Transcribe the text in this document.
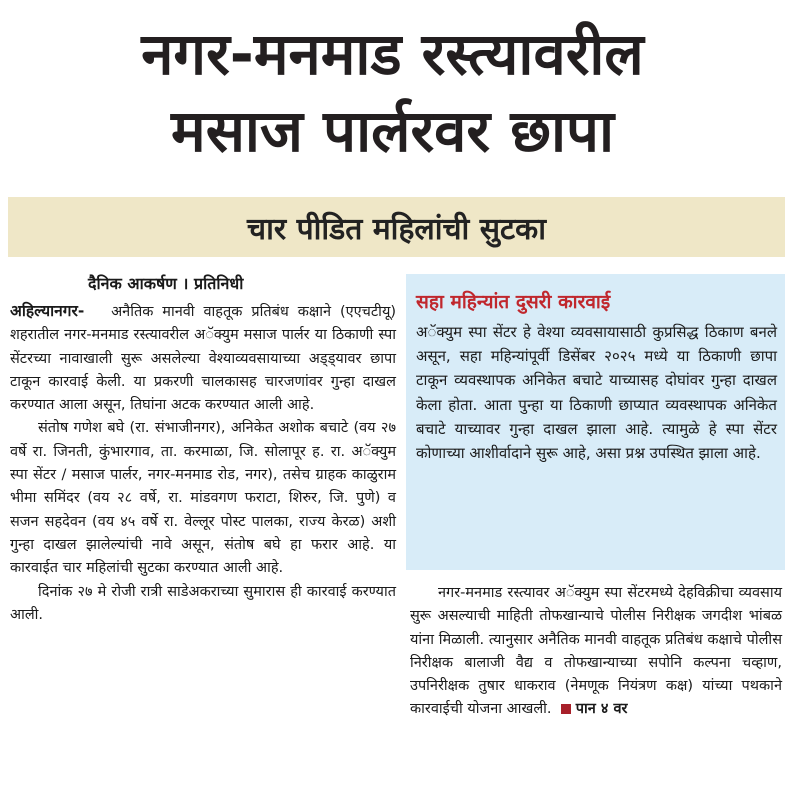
नगर-मनमाड रस्त्यावरील
मसाज पार्लरवर छापा
चार पीडित महिलांची सुटका
दैनिक आकर्षण । प्रतिनिधी

अहिल्यानगर- अनैतिक मानवी वाहतूक प्रतिबंध कक्षाने (एएचटीयू) शहरातील नगर-मनमाड रस्त्यावरील अॅक्युम मसाज पार्लर या ठिकाणी स्पा सेंटरच्या नावाखाली सुरू असलेल्या वेश्याव्यवसायाच्या अड्ड्यावर छापा टाकून कारवाई केली. या प्रकरणी चालकासह चारजणांवर गुन्हा दाखल करण्यात आला असून, तिघांना अटक करण्यात आली आहे.

संतोष गणेश बघे (रा. संभाजीनगर), अनिकेत अशोक बचाटे (वय २७ वर्षे रा. जिनती, कुंभारगाव, ता. करमाळा, जि. सोलापूर ह. रा. अॅक्युम स्पा सेंटर / मसाज पार्लर, नगर-मनमाड रोड, नगर), तसेच ग्राहक काळुराम भीमा समिंदर (वय २८ वर्षे, रा. मांडवगण फराटा, शिरुर, जि. पुणे) व सजन सहदेवन (वय ४५ वर्षे रा. वेल्लूर पोस्ट पालका, राज्य केरळ) अशी गुन्हा दाखल झालेल्यांची नावे असून, संतोष बघे हा फरार आहे. या कारवाईत चार महिलांची सुटका करण्यात आली आहे.

दिनांक २७ मे रोजी रात्री साडेअकराच्या सुमारास ही कारवाई करण्यात आली.

सहा महिन्यांत दुसरी कारवाई
अॅक्युम स्पा सेंटर हे वेश्या व्यवसायासाठी कुप्रसिद्ध ठिकाण बनले असून, सहा महिन्यांपूर्वी डिसेंबर २०२५ मध्ये या ठिकाणी छापा टाकून व्यवस्थापक अनिकेत बचाटे याच्यासह दोघांवर गुन्हा दाखल केला होता. आता पुन्हा या ठिकाणी छाप्यात व्यवस्थापक अनिकेत बचाटे याच्यावर गुन्हा दाखल झाला आहे. त्यामुळे हे स्पा सेंटर कोणाच्या आशीर्वादाने सुरू आहे, असा प्रश्न उपस्थित झाला आहे.

नगर-मनमाड रस्त्यावर अॅक्युम स्पा सेंटरमध्ये देहविक्रीचा व्यवसाय सुरू असल्याची माहिती तोफखान्याचे पोलीस निरीक्षक जगदीश भांबळ यांना मिळाली. त्यानुसार अनैतिक मानवी वाहतूक प्रतिबंध कक्षाचे पोलीस निरीक्षक बालाजी वैद्य व तोफखान्याच्या सपोनि कल्पना चव्हाण, उपनिरीक्षक तुषार धाकराव (नेमणूक नियंत्रण कक्ष) यांच्या पथकाने कारवाईची योजना आखली. पान ४ वर
